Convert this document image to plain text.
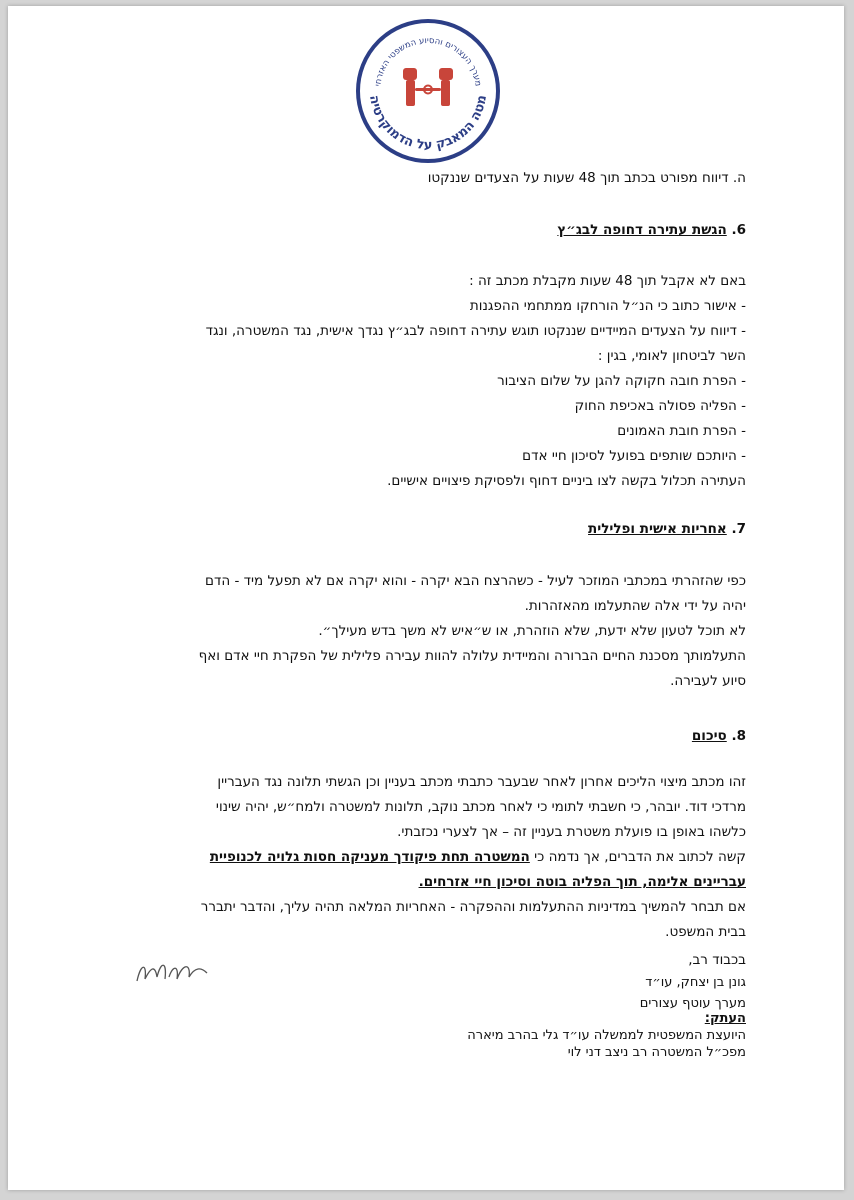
מערך העצורים והסיוע המשפטי האזרחי
מטה המאבק על הדמוקרטיה

ה. דיווח מפורט בכתב תוך 48 שעות על הצעדים שננקטו

6. הגשת עתירה דחופה לבג״ץ

באם לא אקבל תוך 48 שעות מקבלת מכתב זה :

- אישור כתוב כי הנ״ל הורחקו ממתחמי ההפגנות

- דיווח על הצעדים המיידיים שננקטו תוגש עתירה דחופה לבג״ץ נגדך אישית, נגד המשטרה, ונגד

השר לביטחון לאומי, בגין :

- הפרת חובה חקוקה להגן על שלום הציבור

- הפליה פסולה באכיפת החוק

- הפרת חובת האמונים

- היותכם שותפים בפועל לסיכון חיי אדם

העתירה תכלול בקשה לצו ביניים דחוף ולפסיקת פיצויים אישיים.

7. אחריות אישית ופלילית

כפי שהזהרתי במכתבי המוזכר לעיל - כשהרצח הבא יקרה - והוא יקרה אם לא תפעל מיד - הדם

יהיה על ידי אלה שהתעלמו מהאזהרות.

לא תוכל לטעון שלא ידעת, שלא הוזהרת, או ש״איש לא משך בדש מעילך״.

התעלמותך מסכנת החיים הברורה והמיידית עלולה להוות עבירה פלילית של הפקרת חיי אדם ואף

סיוע לעבירה.

8. סיכום

זהו מכתב מיצוי הליכים אחרון לאחר שבעבר כתבתי מכתב בעניין וכן הגשתי תלונה נגד העבריין

מרדכי דוד. יובהר, כי חשבתי לתומי כי לאחר מכתב נוקב, תלונות למשטרה ולמח״ש, יהיה שינוי

כלשהו באופן בו פועלת משטרת בעניין זה – אך לצערי נכזבתי.

קשה לכתוב את הדברים, אך נדמה כי המשטרה תחת פיקודך מעניקה חסות גלויה לכנופיית

עבריינים אלימה, תוך הפליה בוטה וסיכון חיי אזרחים.

אם תבחר להמשיך במדיניות ההתעלמות וההפקרה - האחריות המלאה תהיה עליך, והדבר יתברר

בבית המשפט.

בכבוד רב,

גונן בן יצחק, עו״ד

מערך עוטף עצורים

העתק:

היועצת המשפטית לממשלה עו״ד גלי בהרב מיארה

מפכ״ל המשטרה רב ניצב דני לוי
